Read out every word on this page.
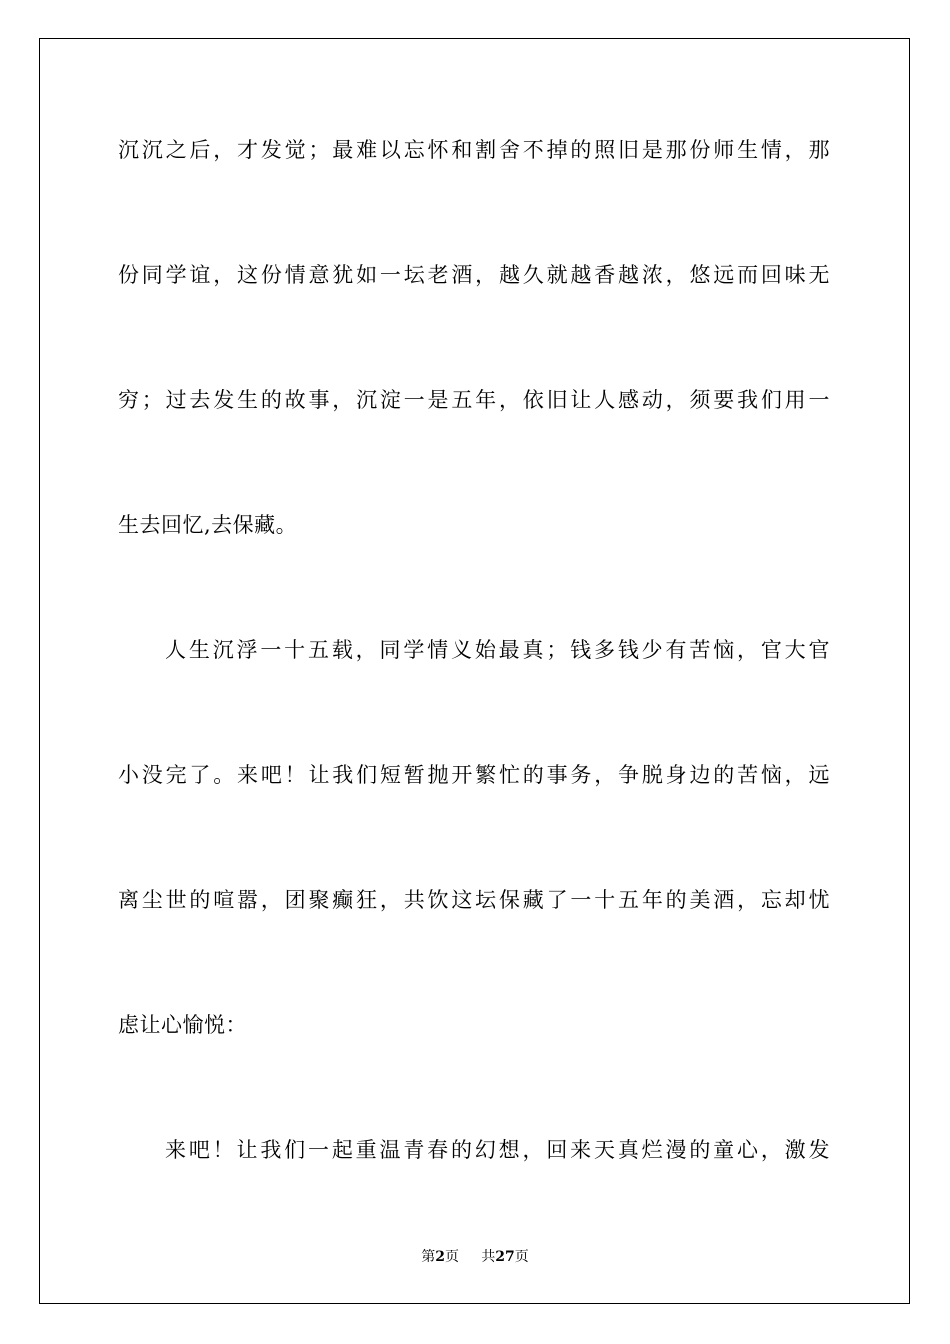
沉沉之后，才发觉；最难以忘怀和割舍不掉的照旧是那份师生情，那
份同学谊，这份情意犹如一坛老酒，越久就越香越浓，悠远而回味无
穷；过去发生的故事，沉淀一是五年，依旧让人感动，须要我们用一
生去回忆,去保藏。
人生沉浮一十五载，同学情义始最真；钱多钱少有苦恼，官大官
小没完了。来吧！让我们短暂抛开繁忙的事务，争脱身边的苦恼，远
离尘世的喧嚣，团聚癫狂，共饮这坛保藏了一十五年的美酒，忘却忧
虑让心愉悦：
来吧！让我们一起重温青春的幻想，回来天真烂漫的童心，激发
第2页 共27页
